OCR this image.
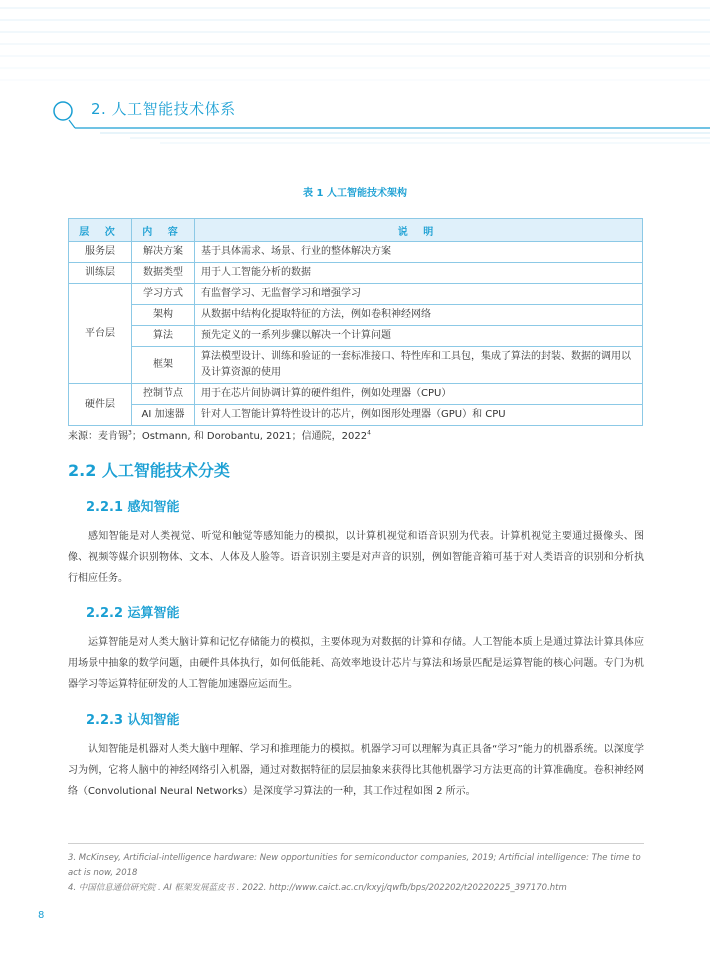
2. 人工智能技术体系
表 1 人工智能技术架构
层 次	内 容	说 明
服务层	解决方案	基于具体需求、场景、行业的整体解决方案
训练层	数据类型	用于人工智能分析的数据
平台层	学习方式	有监督学习、无监督学习和增强学习
	架构	从数据中结构化提取特征的方法，例如卷积神经网络
	算法	预先定义的一系列步骤以解决一个计算问题
	框架	算法模型设计、训练和验证的一套标准接口、特性库和工具包，集成了算法的封装、数据的调用以及计算资源的使用
硬件层	控制节点	用于在芯片间协调计算的硬件组件，例如处理器（CPU）
	AI 加速器	针对人工智能计算特性设计的芯片，例如图形处理器（GPU）和 CPU
来源：麦肯锡$^3$；Ostmann, 和 Dorobantu, 2021；信通院，2022$^4$
2.2 人工智能技术分类
2.2.1 感知智能
感知智能是对人类视觉、听觉和触觉等感知能力的模拟，以计算机视觉和语音识别为代表。计算机视觉主要通过摄像头、图像、视频等媒介识别物体、文本、人体及人脸等。语音识别主要是对声音的识别，例如智能音箱可基于对人类语音的识别和分析执行相应任务。
2.2.2 运算智能
运算智能是对人类大脑计算和记忆存储能力的模拟，主要体现为对数据的计算和存储。人工智能本质上是通过算法计算具体应用场景中抽象的数学问题，由硬件具体执行，如何低能耗、高效率地设计芯片与算法和场景匹配是运算智能的核心问题。专门为机器学习等运算特征研发的人工智能加速器应运而生。
2.2.3 认知智能
认知智能是机器对人类大脑中理解、学习和推理能力的模拟。机器学习可以理解为真正具备“学习”能力的机器系统。以深度学习为例，它将人脑中的神经网络引入机器，通过对数据特征的层层抽象来获得比其他机器学习方法更高的计算准确度。卷积神经网络（Convolutional Neural Networks）是深度学习算法的一种，其工作过程如图 2 所示。
3. McKinsey, Artificial-intelligence hardware: New opportunities for semiconductor companies, 2019; Artificial intelligence: The time to act is now, 2018
4. 中国信息通信研究院 . AI 框架发展蓝皮书 . 2022. http://www.caict.ac.cn/kxyj/qwfb/bps/202202/t20220225_397170.htm
8
